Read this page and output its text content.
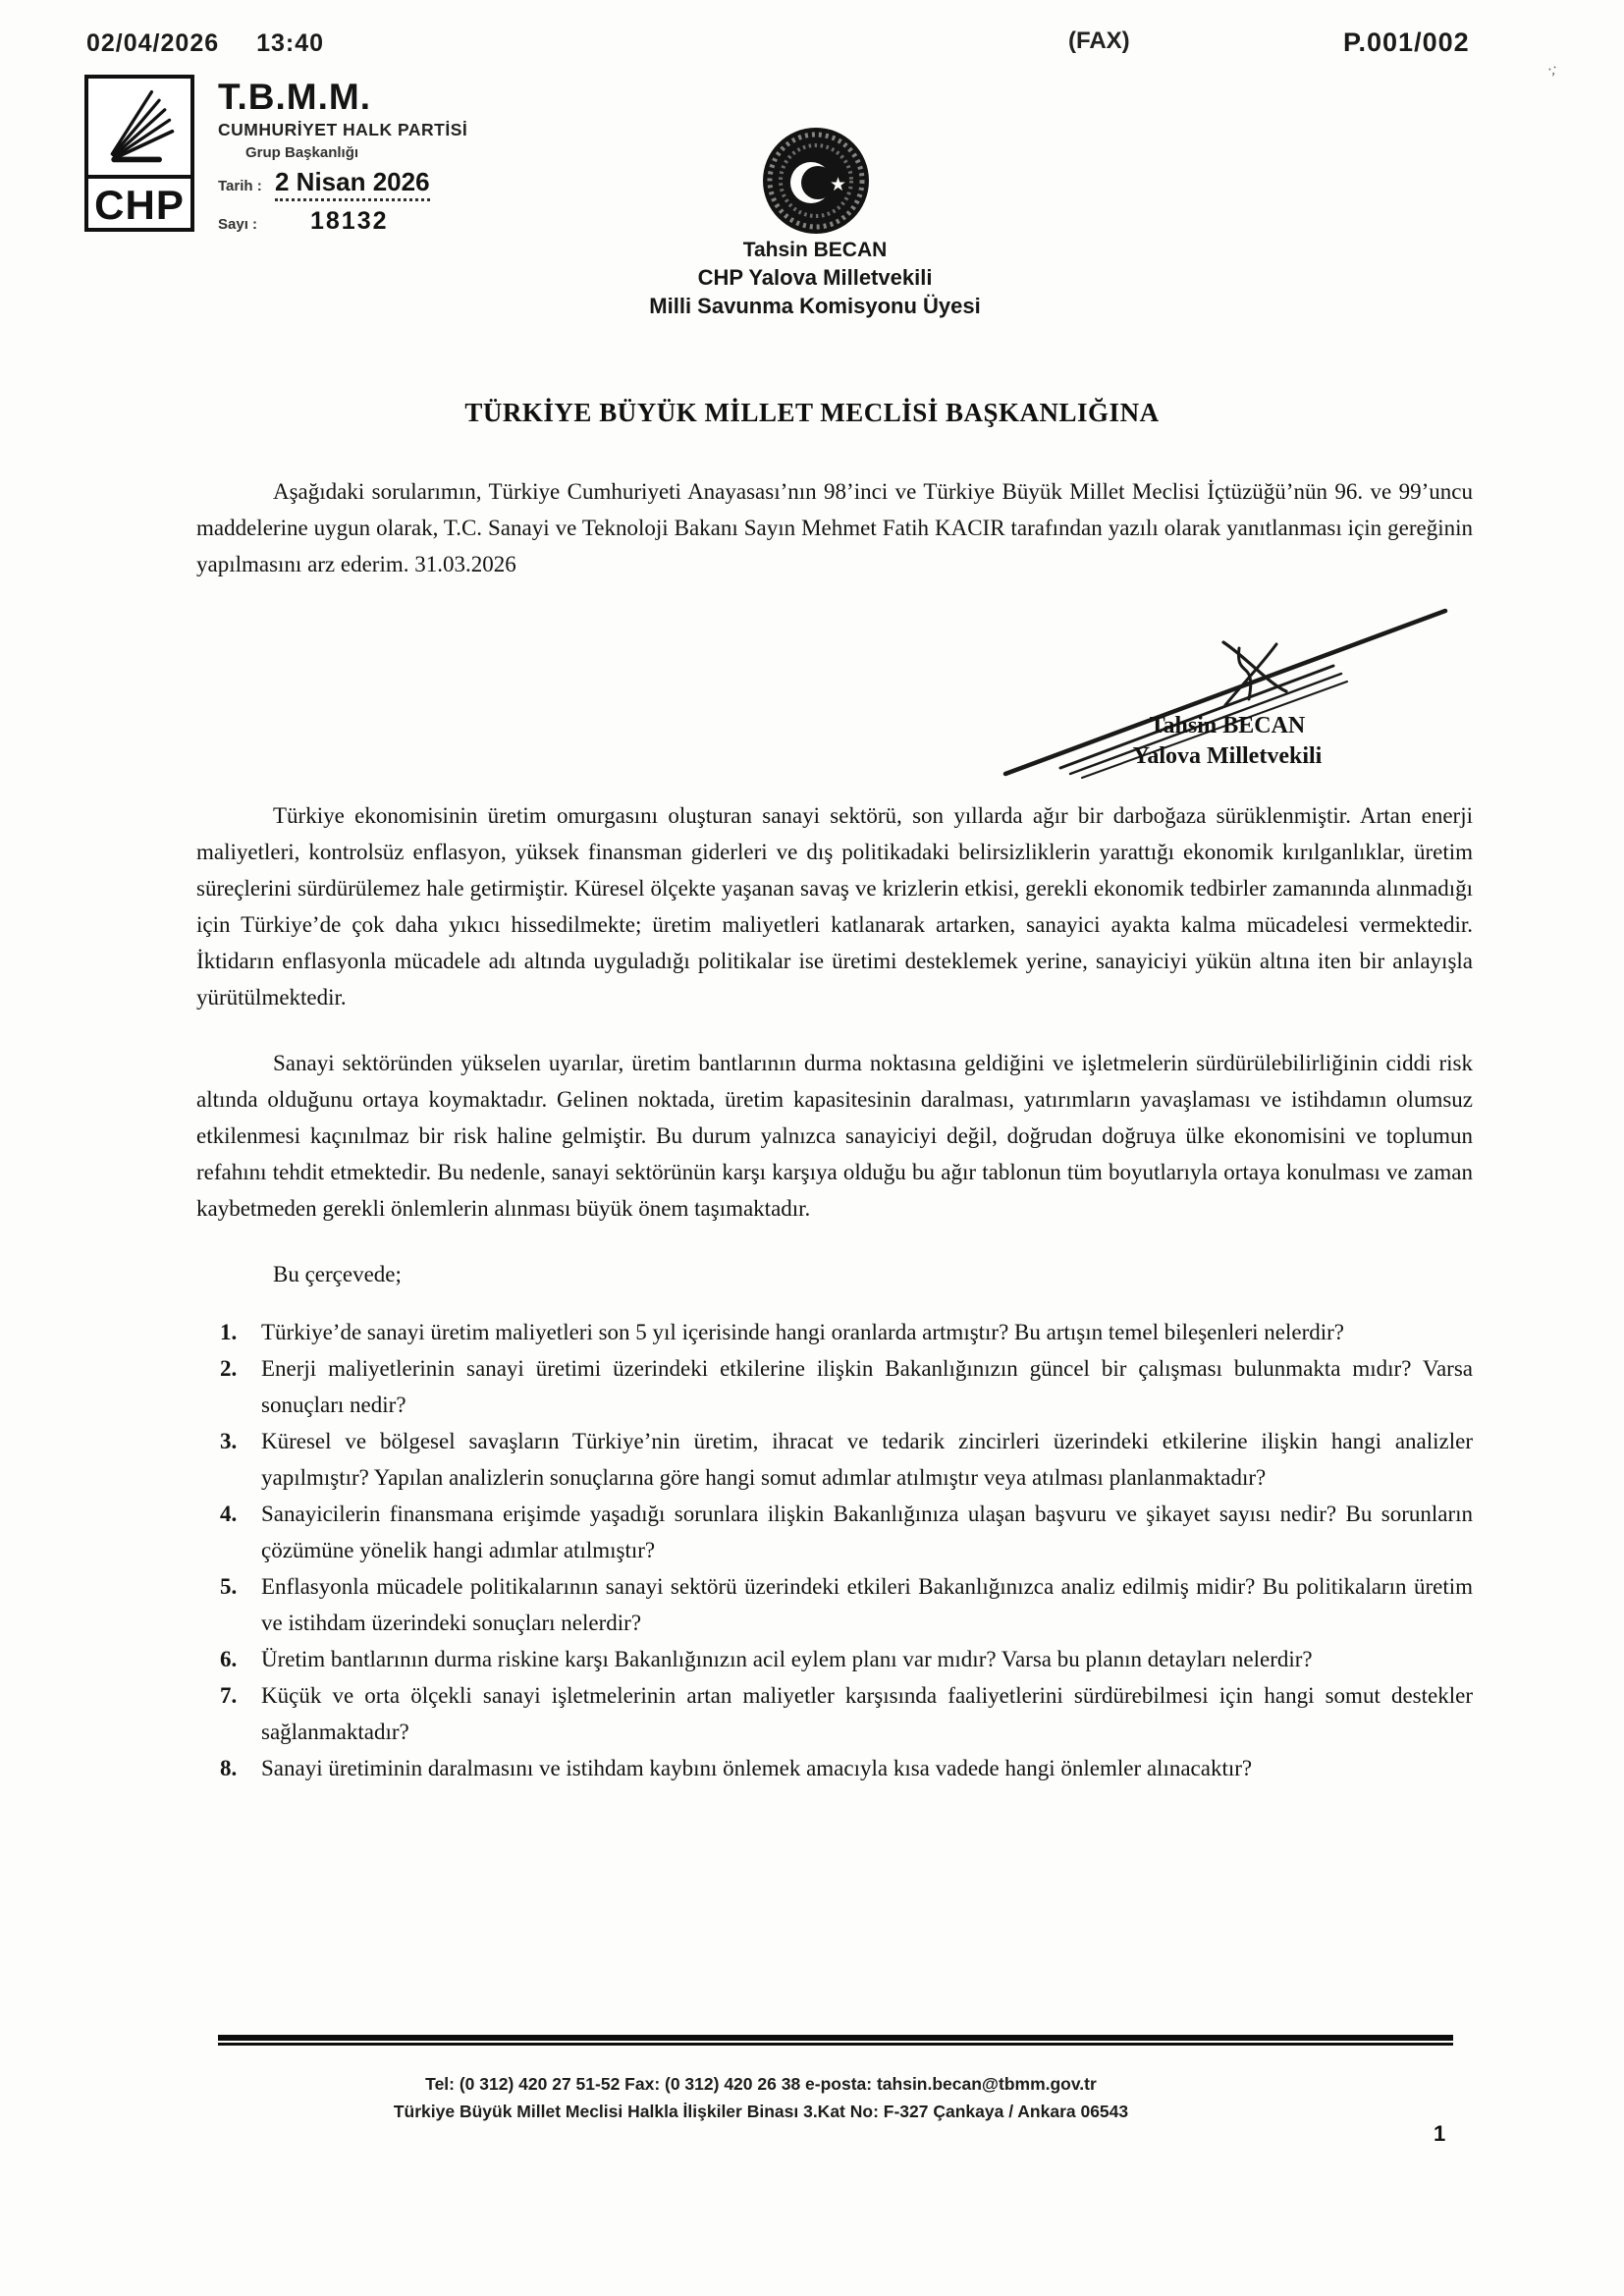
02/04/2026 13:40	(FAX)	P.001/002
·;
CHP
T.B.M.M.
CUMHURİYET HALK PARTİSİ
Grup Başkanlığı
Tarih : 2 Nisan 2026
Sayı :	18132
★
Tahsin BECAN
CHP Yalova Milletvekili
Milli Savunma Komisyonu Üyesi
TÜRKİYE BÜYÜK MİLLET MECLİSİ BAŞKANLIĞINA
Aşağıdaki sorularımın, Türkiye Cumhuriyeti Anayasası’nın 98’inci ve Türkiye Büyük Millet Meclisi İçtüzüğü’nün 96. ve 99’uncu maddelerine uygun olarak, T.C. Sanayi ve Teknoloji Bakanı Sayın Mehmet Fatih KACIR tarafından yazılı olarak yanıtlanması için gereğinin yapılmasını arz ederim. 31.03.2026
Tahsin BECAN
Yalova Milletvekili

Türkiye ekonomisinin üretim omurgasını oluşturan sanayi sektörü, son yıllarda ağır bir darboğaza sürüklenmiştir. Artan enerji maliyetleri, kontrolsüz enflasyon, yüksek finansman giderleri ve dış politikadaki belirsizliklerin yarattığı ekonomik kırılganlıklar, üretim süreçlerini sürdürülemez hale getirmiştir. Küresel ölçekte yaşanan savaş ve krizlerin etkisi, gerekli ekonomik tedbirler zamanında alınmadığı için Türkiye’de çok daha yıkıcı hissedilmekte; üretim maliyetleri katlanarak artarken, sanayici ayakta kalma mücadelesi vermektedir. İktidarın enflasyonla mücadele adı altında uyguladığı politikalar ise üretimi desteklemek yerine, sanayiciyi yükün altına iten bir anlayışla yürütülmektedir.

Sanayi sektöründen yükselen uyarılar, üretim bantlarının durma noktasına geldiğini ve işletmelerin sürdürülebilirliğinin ciddi risk altında olduğunu ortaya koymaktadır. Gelinen noktada, üretim kapasitesinin daralması, yatırımların yavaşlaması ve istihdamın olumsuz etkilenmesi kaçınılmaz bir risk haline gelmiştir. Bu durum yalnızca sanayiciyi değil, doğrudan doğruya ülke ekonomisini ve toplumun refahını tehdit etmektedir. Bu nedenle, sanayi sektörünün karşı karşıya olduğu bu ağır tablonun tüm boyutlarıyla ortaya konulması ve zaman kaybetmeden gerekli önlemlerin alınması büyük önem taşımaktadır.

Bu çerçevede;

1.	Türkiye’de sanayi üretim maliyetleri son 5 yıl içerisinde hangi oranlarda artmıştır? Bu artışın temel bileşenleri nelerdir?
2.	Enerji maliyetlerinin sanayi üretimi üzerindeki etkilerine ilişkin Bakanlığınızın güncel bir çalışması bulunmakta mıdır? Varsa sonuçları nedir?
3.	Küresel ve bölgesel savaşların Türkiye’nin üretim, ihracat ve tedarik zincirleri üzerindeki etkilerine ilişkin hangi analizler yapılmıştır? Yapılan analizlerin sonuçlarına göre hangi somut adımlar atılmıştır veya atılması planlanmaktadır?
4.	Sanayicilerin finansmana erişimde yaşadığı sorunlara ilişkin Bakanlığınıza ulaşan başvuru ve şikayet sayısı nedir? Bu sorunların çözümüne yönelik hangi adımlar atılmıştır?
5.	Enflasyonla mücadele politikalarının sanayi sektörü üzerindeki etkileri Bakanlığınızca analiz edilmiş midir? Bu politikaların üretim ve istihdam üzerindeki sonuçları nelerdir?
6.	Üretim bantlarının durma riskine karşı Bakanlığınızın acil eylem planı var mıdır? Varsa bu planın detayları nelerdir?
7.	Küçük ve orta ölçekli sanayi işletmelerinin artan maliyetler karşısında faaliyetlerini sürdürebilmesi için hangi somut destekler sağlanmaktadır?
8.	Sanayi üretiminin daralmasını ve istihdam kaybını önlemek amacıyla kısa vadede hangi önlemler alınacaktır?
Tel: (0 312) 420 27 51-52 Fax: (0 312) 420 26 38 e-posta: tahsin.becan@tbmm.gov.tr
Türkiye Büyük Millet Meclisi Halkla İlişkiler Binası 3.Kat No: F-327 Çankaya / Ankara 06543
1
